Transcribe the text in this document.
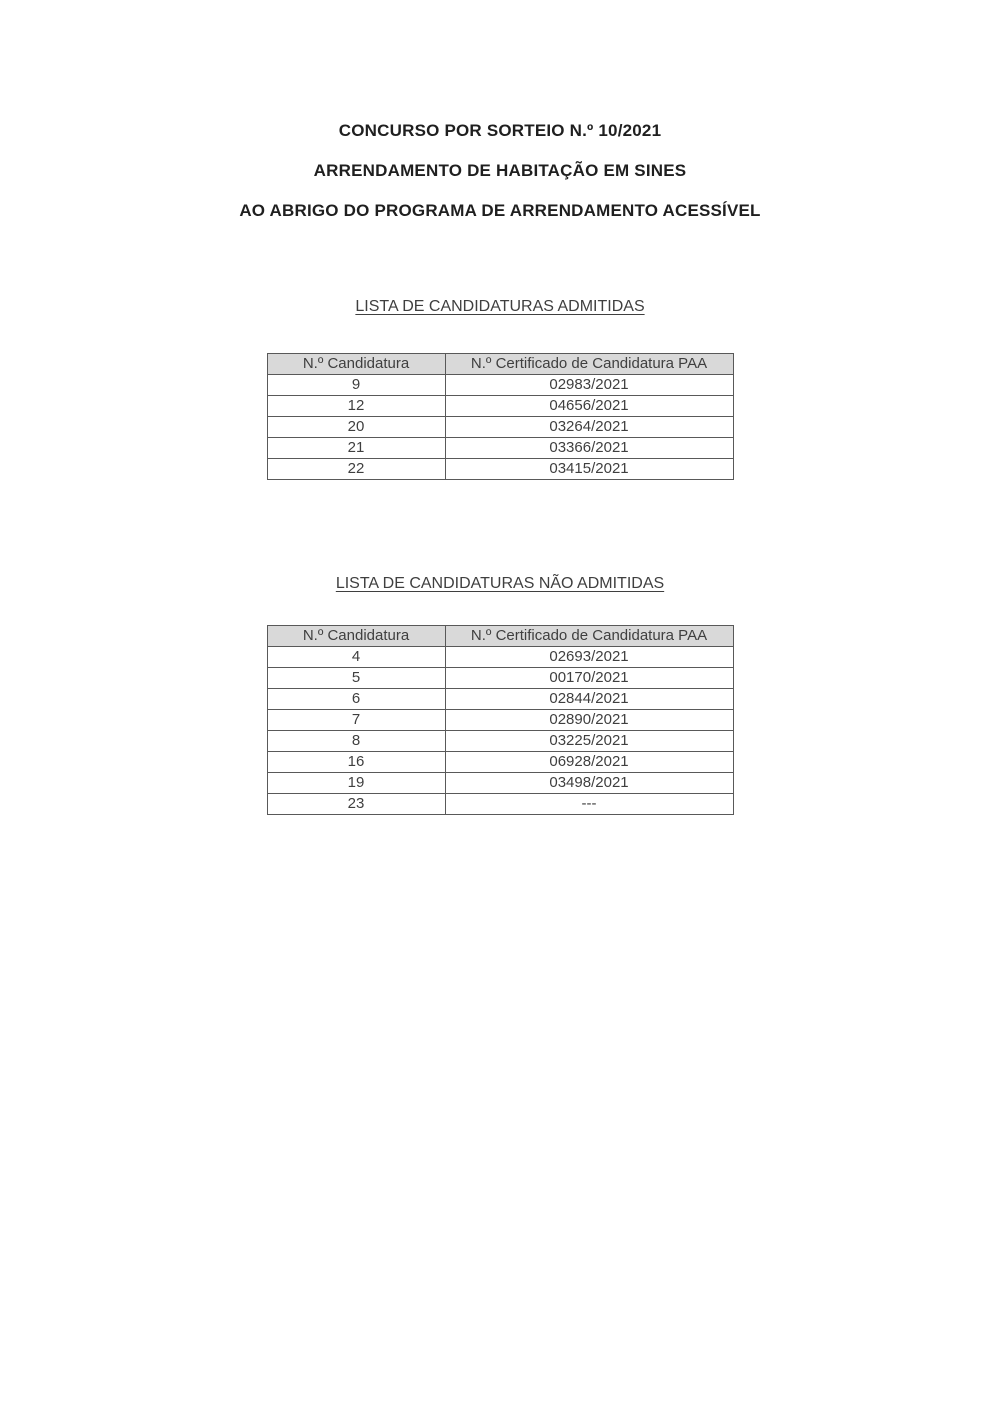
CONCURSO POR SORTEIO N.º 10/2021
ARRENDAMENTO DE HABITAÇÃO EM SINES
AO ABRIGO DO PROGRAMA DE ARRENDAMENTO ACESSÍVEL
LISTA DE CANDIDATURAS ADMITIDAS
N.º Candidatura	N.º Certificado de Candidatura PAA
9	02983/2021
12	04656/2021
20	03264/2021
21	03366/2021
22	03415/2021
LISTA DE CANDIDATURAS NÃO ADMITIDAS
N.º Candidatura	N.º Certificado de Candidatura PAA
4	02693/2021
5	00170/2021
6	02844/2021
7	02890/2021
8	03225/2021
16	06928/2021
19	03498/2021
23	---
